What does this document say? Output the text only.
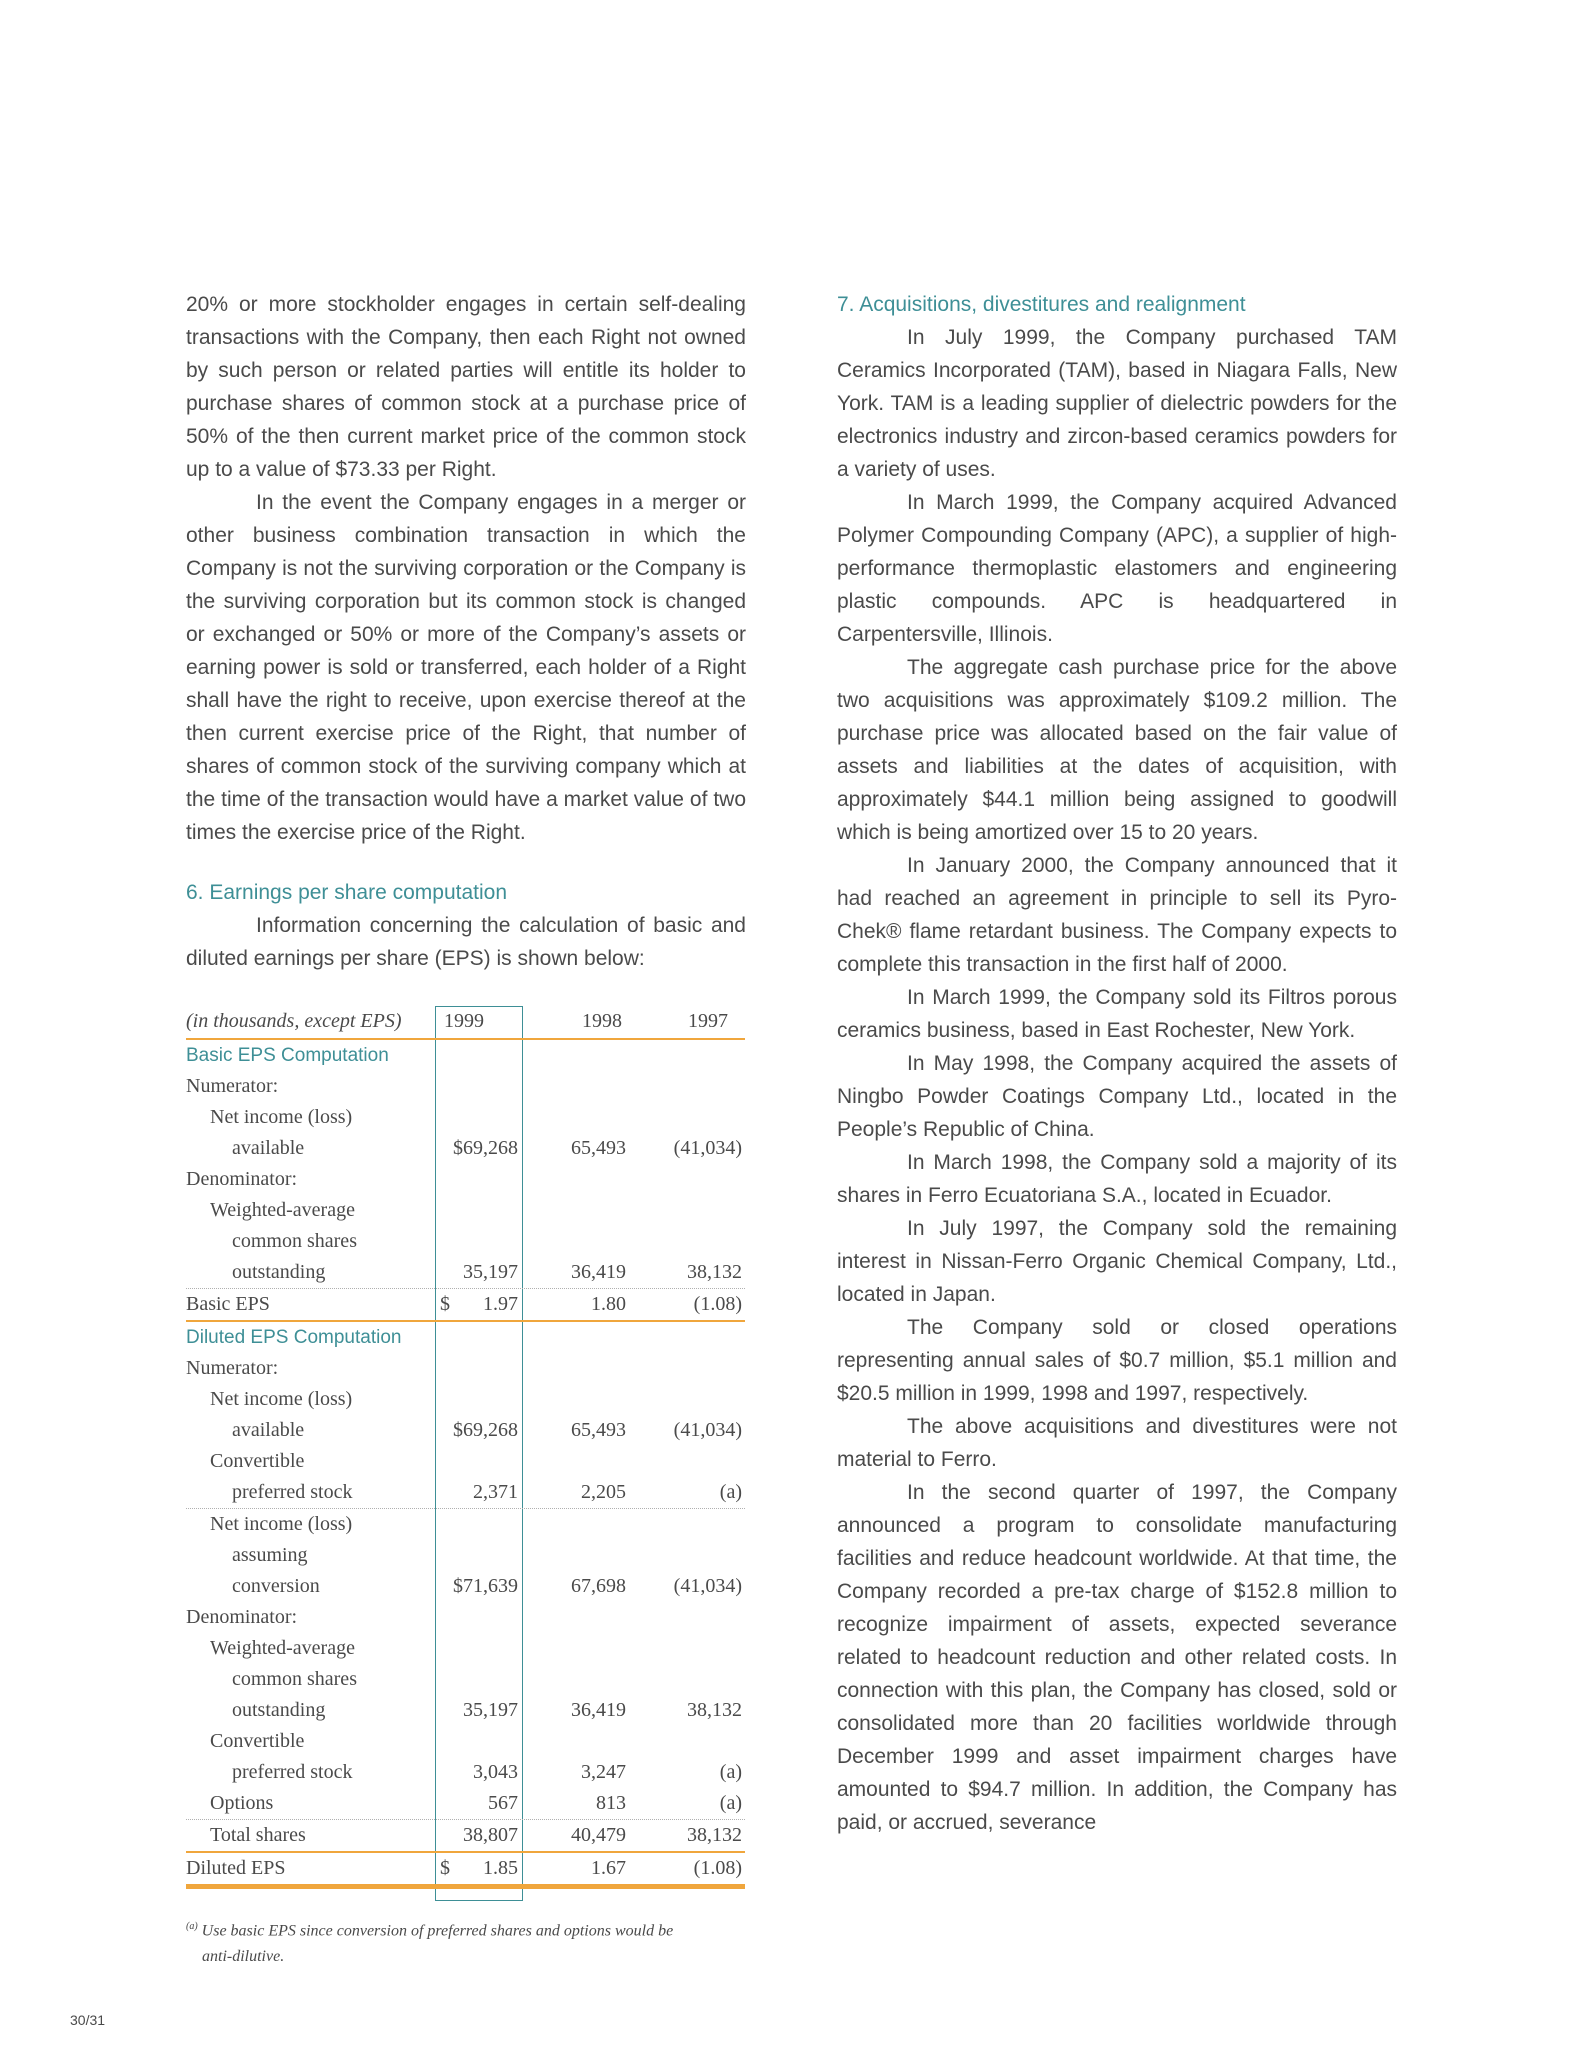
20% or more stockholder engages in certain self-dealing transactions with the Company, then each Right not owned by such person or related parties will entitle its holder to purchase shares of common stock at a purchase price of 50% of the then current market price of the common stock up to a value of $73.33 per Right.

In the event the Company engages in a merger or other business combination transaction in which the Company is not the surviving corporation or the Company is the surviving corporation but its common stock is changed or exchanged or 50% or more of the Company’s assets or earning power is sold or transferred, each holder of a Right shall have the right to receive, upon exercise thereof at the then current exercise price of the Right, that number of shares of common stock of the surviving company which at the time of the transaction would have a market value of two times the exercise price of the Right.

6. Earnings per share computation

Information concerning the calculation of basic and diluted earnings per share (EPS) is shown below:

(in thousands, except EPS)	1999	1998	1997
Basic EPS Computation
Numerator:
Net income (loss)
available	$69,268	65,493	(41,034)
Denominator:
Weighted-average
common shares
outstanding	35,197	36,419	38,132
Basic EPS	$	1.97	1.80	(1.08)
Diluted EPS Computation
Numerator:
Net income (loss)
available	$69,268	65,493	(41,034)
Convertible
preferred stock	2,371	2,205	(a)
Net income (loss)
assuming
conversion	$71,639	67,698	(41,034)
Denominator:
Weighted-average
common shares
outstanding	35,197	36,419	38,132
Convertible
preferred stock	3,043	3,247	(a)
Options	567	813	(a)
Total shares	38,807	40,479	38,132
Diluted EPS	$	1.85	1.67	(1.08)
$^{(a)}$ Use basic EPS since conversion of preferred shares and options would be
anti-dilutive.

7. Acquisitions, divestitures and realignment

In July 1999, the Company purchased TAM Ceramics Incorporated (TAM), based in Niagara Falls, New York. TAM is a leading supplier of dielectric powders for the electronics industry and zircon-based ceramics powders for a variety of uses.

In March 1999, the Company acquired Advanced Polymer Compounding Company (APC), a supplier of high-performance thermoplastic elastomers and engineering plastic compounds. APC is headquartered in Carpentersville, Illinois.

The aggregate cash purchase price for the above two acquisitions was approximately $109.2 million. The purchase price was allocated based on the fair value of assets and liabilities at the dates of acquisition, with approximately $44.1 million being assigned to goodwill which is being amortized over 15 to 20 years.

In January 2000, the Company announced that it had reached an agreement in principle to sell its Pyro-Chek® flame retardant business. The Company expects to complete this transaction in the first half of 2000.

In March 1999, the Company sold its Filtros porous ceramics business, based in East Rochester, New York.

In May 1998, the Company acquired the assets of Ningbo Powder Coatings Company Ltd., located in the People’s Republic of China.

In March 1998, the Company sold a majority of its shares in Ferro Ecuatoriana S.A., located in Ecuador.

In July 1997, the Company sold the remaining interest in Nissan-Ferro Organic Chemical Company, Ltd., located in Japan.

The Company sold or closed operations representing annual sales of $0.7 million, $5.1 million and $20.5 million in 1999, 1998 and 1997, respectively.

The above acquisitions and divestitures were not material to Ferro.

In the second quarter of 1997, the Company announced a program to consolidate manufacturing facilities and reduce headcount worldwide. At that time, the Company recorded a pre-tax charge of $152.8 million to recognize impairment of assets, expected severance related to headcount reduction and other related costs. In connection with this plan, the Company has closed, sold or consolidated more than 20 facilities worldwide through December 1999 and asset impairment charges have amounted to $94.7 million. In addition, the Company has paid, or accrued, severance

30/31
